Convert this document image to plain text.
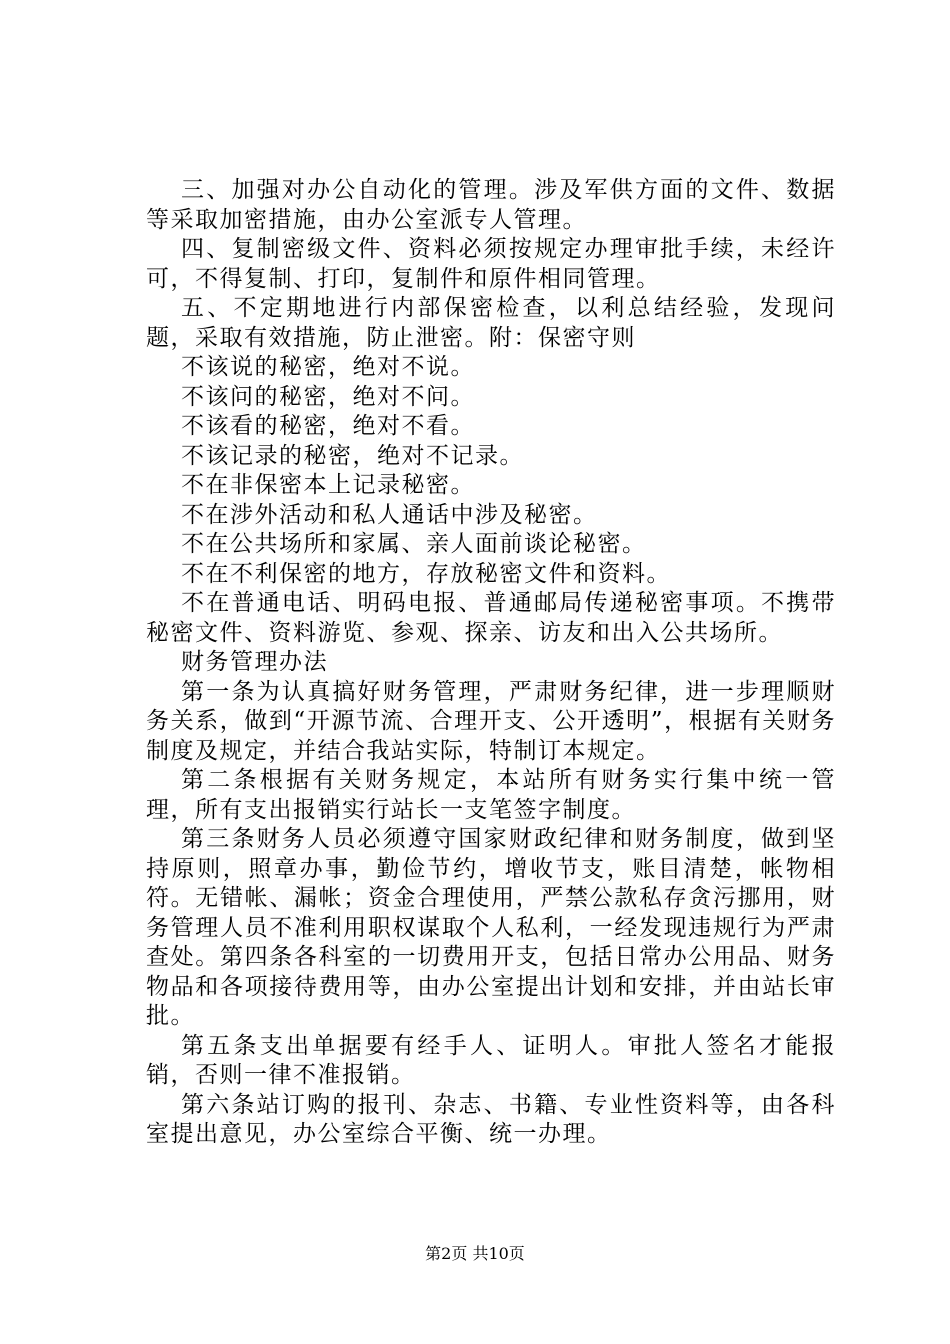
三、加强对办公自动化的管理。涉及军供方面的文件、数据等采取加密措施，由办公室派专人管理。

四、复制密级文件、资料必须按规定办理审批手续，未经许可，不得复制、打印，复制件和原件相同管理。

五、不定期地进行内部保密检查，以利总结经验，发现问题，采取有效措施，防止泄密。附：保密守则

不该说的秘密，绝对不说。

不该问的秘密，绝对不问。

不该看的秘密，绝对不看。

不该记录的秘密，绝对不记录。

不在非保密本上记录秘密。

不在涉外活动和私人通话中涉及秘密。

不在公共场所和家属、亲人面前谈论秘密。

不在不利保密的地方，存放秘密文件和资料。

不在普通电话、明码电报、普通邮局传递秘密事项。不携带秘密文件、资料游览、参观、探亲、访友和出入公共场所。

财务管理办法

第一条为认真搞好财务管理，严肃财务纪律，进一步理顺财务关系，做到“开源节流、合理开支、公开透明”，根据有关财务制度及规定，并结合我站实际，特制订本规定。

第二条根据有关财务规定，本站所有财务实行集中统一管理，所有支出报销实行站长一支笔签字制度。

第三条财务人员必须遵守国家财政纪律和财务制度，做到坚持原则，照章办事，勤俭节约，增收节支，账目清楚，帐物相符。无错帐、漏帐；资金合理使用，严禁公款私存贪污挪用，财务管理人员不准利用职权谋取个人私利，一经发现违规行为严肃查处。第四条各科室的一切费用开支，包括日常办公用品、财务物品和各项接待费用等，由办公室提出计划和安排，并由站长审批。

第五条支出单据要有经手人、证明人。审批人签名才能报销，否则一律不准报销。

第六条站订购的报刊、杂志、书籍、专业性资料等，由各科室提出意见，办公室综合平衡、统一办理。

第2页 共10页
